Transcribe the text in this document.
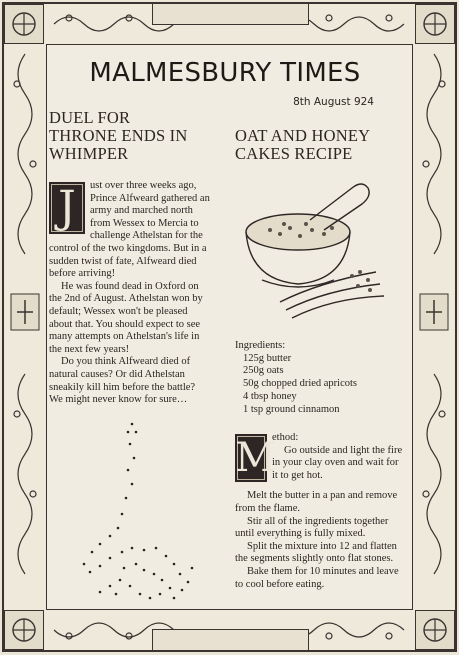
MALMESBURY TIMES
8th August 924
DUEL FOR
THRONE ENDS IN
WHIMPER
OAT AND HONEY
CAKES RECIPE
J	ust over three weeks ago, Prince Alfweard gathered an army and marched north from Wessex to Mercia to challenge Athelstan for the control of the two kingdoms. But in a sudden twist of fate, Alfweard died before arriving!

He was found dead in Oxford on the 2nd of August. Athelstan won by default; Wessex won't be pleased about that. You should expect to see many attempts on Athelstan's life in the next few years!

Do you think Alfweard died of natural causes? Or did Athelstan sneakily kill him before the battle? We might never know for sure…

Ingredients:
125g butter
250g oats
50g chopped dried apricots
4 tbsp honey
1 tsp ground cinnamon
M

ethod:

Go outside and light the fire in your clay oven and wait for it to get hot.

Melt the butter in a pan and remove from the flame.

Stir all of the ingredients together until everything is fully mixed.

Split the mixture into 12 and flatten the segments slightly onto flat stones.

Bake them for 10 minutes and leave to cool before eating.
